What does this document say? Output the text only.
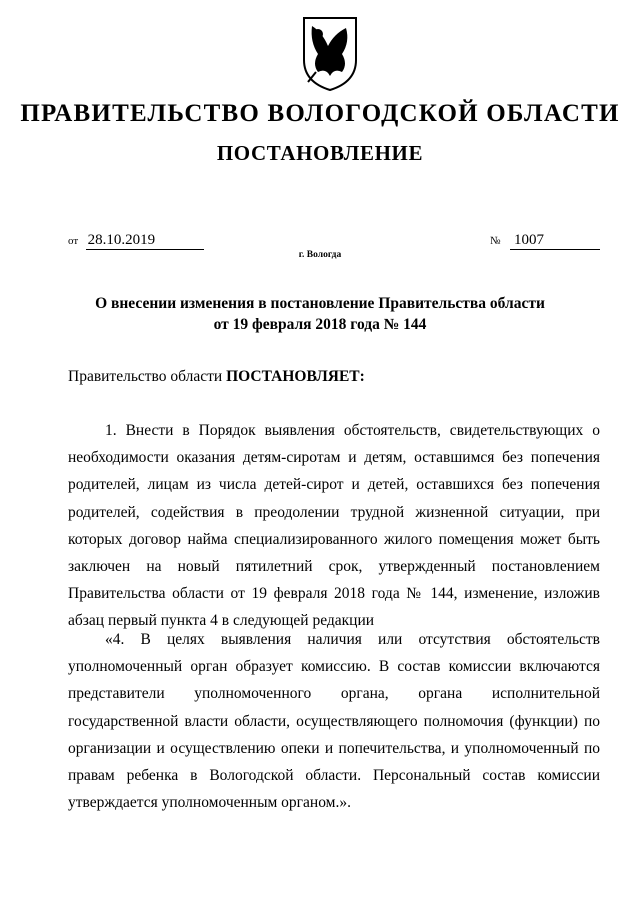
ПРАВИТЕЛЬСТВО ВОЛОГОДСКОЙ ОБЛАСТИ
ПОСТАНОВЛЕНИЕ
от 28.10.2019	№ 1007
г. Вологда
О внесении изменения в постановление Правительства области
от 19 февраля 2018 года № 144
Правительство области ПОСТАНОВЛЯЕТ:
1. Внести в Порядок выявления обстоятельств, свидетельствующих о необходимости оказания детям-сиротам и детям, оставшимся без попечения родителей, лицам из числа детей-сирот и детей, оставшихся без попечения родителей, содействия в преодолении трудной жизненной ситуации, при которых договор найма специализированного жилого помещения может быть заключен на новый пятилетний срок, утвержденный постановлением Правительства области от 19 февраля 2018 года № 144, изменение, изложив абзац первый пункта 4 в следующей редакции
«4. В целях выявления наличия или отсутствия обстоятельств уполномоченный орган образует комиссию. В состав комиссии включаются представители уполномоченного органа, органа исполнительной государственной власти области, осуществляющего полномочия (функции) по организации и осуществлению опеки и попечительства, и уполномоченный по правам ребенка в Вологодской области. Персональный состав комиссии утверждается уполномоченным органом.».
